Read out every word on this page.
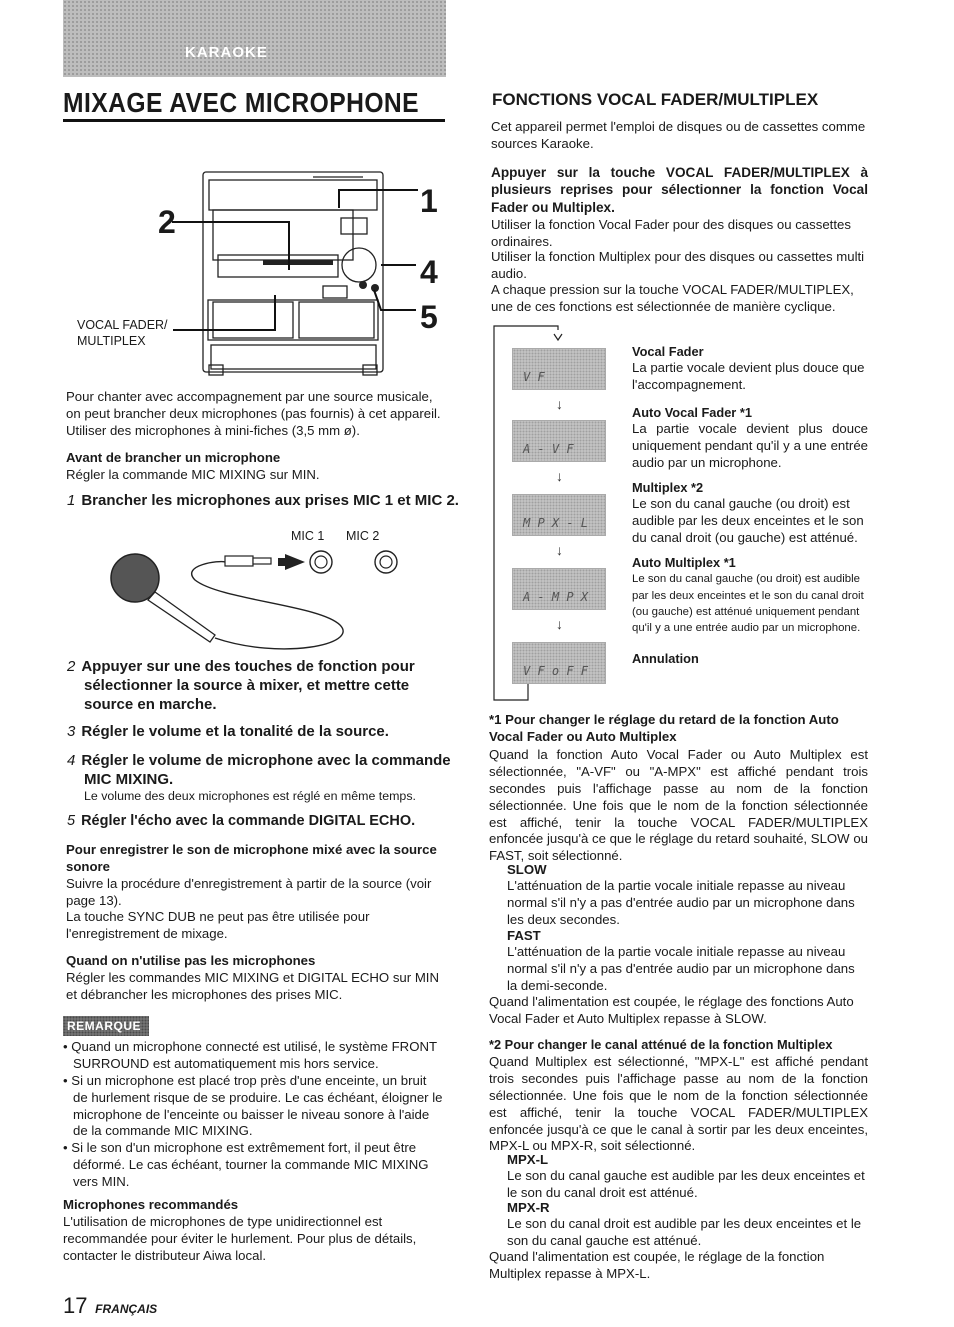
KARAOKE
MIXAGE AVEC MICROPHONE
2
1
4
5
VOCAL FADER/ MULTIPLEX

Pour chanter avec accompagnement par une source musicale, on peut brancher deux microphones (pas fournis) à cet appareil. Utiliser des microphones à mini-fiches (3,5 mm ø).

Avant de brancher un microphone

Régler la commande MIC MIXING sur MIN.

1 Brancher les microphones aux prises MIC 1 et MIC 2.
MIC 1 MIC 2
2 Appuyer sur une des touches de fonction pour sélectionner la source à mixer, et mettre cette source en marche.
3 Régler le volume et la tonalité de la source.
4 Régler le volume de microphone avec la commande MIC MIXING.

Le volume des deux microphones est réglé en même temps.

5 Régler l'écho avec la commande DIGITAL ECHO.

Pour enregistrer le son de microphone mixé avec la source sonore

Suivre la procédure d'enregistrement à partir de la source (voir page 13).

La touche SYNC DUB ne peut pas être utilisée pour l'enregistrement de mixage.

Quand on n'utilise pas les microphones

Régler les commandes MIC MIXING et DIGITAL ECHO sur MIN et débrancher les microphones des prises MIC.

REMARQUE

• Quand un microphone connecté est utilisé, le système FRONT SURROUND est automatiquement mis hors service.

• Si un microphone est placé trop près d'une enceinte, un bruit de hurlement risque de se produire. Le cas échéant, éloigner le microphone de l'enceinte ou baisser le niveau sonore à l'aide de la commande MIC MIXING.

• Si le son d'un microphone est extrêmement fort, il peut être déformé. Le cas échéant, tourner la commande MIC MIXING vers MIN.

Microphones recommandés

L'utilisation de microphones de type unidirectionnel est recommandée pour éviter le hurlement. Pour plus de détails, contacter le distributeur Aiwa local.

17 FRANÇAIS
FONCTIONS VOCAL FADER/MULTIPLEX

Cet appareil permet l'emploi de disques ou de cassettes comme sources Karaoke.

Appuyer sur la touche VOCAL FADER/MULTIPLEX à plusieurs reprises pour sélectionner la fonction Vocal Fader ou Multiplex.

Utiliser la fonction Vocal Fader pour des disques ou cassettes ordinaires.

Utiliser la fonction Multiplex pour des disques ou cassettes multi audio.

A chaque pression sur la touche VOCAL FADER/MULTIPLEX, une de ces fonctions est sélectionnée de manière cyclique.

V F
↓
A - V F
↓
M P X - L
↓
A - M P X
↓
V F o F F

Vocal Fader

La partie vocale devient plus douce que l'accompagnement.

Auto Vocal Fader *1

La partie vocale devient plus douce uniquement pendant qu'il y a une entrée audio par un microphone.

Multiplex *2

Le son du canal gauche (ou droit) est audible par les deux enceintes et le son du canal droit (ou gauche) est atténué.

Auto Multiplex *1

Le son du canal gauche (ou droit) est audible par les deux enceintes et le son du canal droit (ou gauche) est atténué uniquement pendant qu'il y a une entrée audio par un microphone.

Annulation

*1 Pour changer le réglage du retard de la fonction Auto Vocal Fader ou Auto Multiplex

Quand la fonction Auto Vocal Fader ou Auto Multiplex est sélectionnée, "A-VF" ou "A-MPX" est affiché pendant trois secondes puis l'affichage passe au nom de la fonction sélectionnée. Une fois que le nom de la fonction sélectionnée est affiché, tenir la touche VOCAL FADER/MULTIPLEX enfoncée jusqu'à ce que le réglage du retard souhaité, SLOW ou FAST, soit sélectionné.

SLOW

L'atténuation de la partie vocale initiale repasse au niveau normal s'il n'y a pas d'entrée audio par un microphone dans les deux secondes.

FAST

L'atténuation de la partie vocale initiale repasse au niveau normal s'il n'y a pas d'entrée audio par un microphone dans la demi-seconde.

Quand l'alimentation est coupée, le réglage des fonctions Auto Vocal Fader et Auto Multiplex repasse à SLOW.

*2 Pour changer le canal atténué de la fonction Multiplex

Quand Multiplex est sélectionné, "MPX-L" est affiché pendant trois secondes puis l'affichage passe au nom de la fonction sélectionnée. Une fois que le nom de la fonction sélectionnée est affiché, tenir la touche VOCAL FADER/MULTIPLEX enfoncée jusqu'à ce que le canal à sortir par les deux enceintes, MPX-L ou MPX-R, soit sélectionné.

MPX-L

Le son du canal gauche est audible par les deux enceintes et le son du canal droit est atténué.

MPX-R

Le son du canal droit est audible par les deux enceintes et le son du canal gauche est atténué.

Quand l'alimentation est coupée, le réglage de la fonction Multiplex repasse à MPX-L.
